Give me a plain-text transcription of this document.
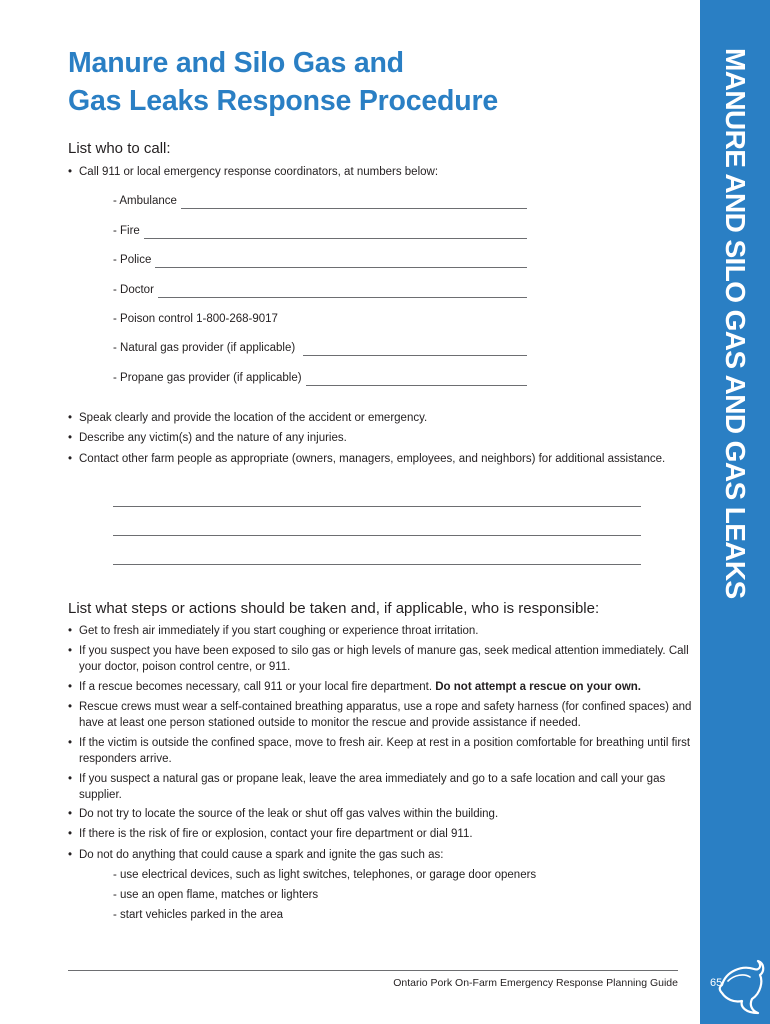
MANURE AND SILO GAS AND GAS LEAKS
Manure and Silo Gas and
Gas Leaks Response Procedure
List who to call:
• Call 911 or local emergency response coordinators, at numbers below:
- Ambulance
- Fire
- Police
- Doctor
- Poison control 1-800-268-9017
- Natural gas provider (if applicable)
- Propane gas provider (if applicable)
• Speak clearly and provide the location of the accident or emergency.
• Describe any victim(s) and the nature of any injuries.
• Contact other farm people as appropriate (owners, managers, employees, and neighbors) for additional assistance.
List what steps or actions should be taken and, if applicable, who is responsible:
• Get to fresh air immediately if you start coughing or experience throat irritation.
• If you suspect you have been exposed to silo gas or high levels of manure gas, seek medical attention immediately. Call your doctor, poison control centre, or 911.
• If a rescue becomes necessary, call 911 or your local fire department. Do not attempt a rescue on your own.
• Rescue crews must wear a self-contained breathing apparatus, use a rope and safety harness (for confined spaces) and have at least one person stationed outside to monitor the rescue and provide assistance if needed.
• If the victim is outside the confined space, move to fresh air. Keep at rest in a position comfortable for breathing until first responders arrive.
• If you suspect a natural gas or propane leak, leave the area immediately and go to a safe location and call your gas supplier.
• Do not try to locate the source of the leak or shut off gas valves within the building.
• If there is the risk of fire or explosion, contact your fire department or dial 911.
• Do not do anything that could cause a spark and ignite the gas such as:
- use electrical devices, such as light switches, telephones, or garage door openers
- use an open flame, matches or lighters
- start vehicles parked in the area
Ontario Pork On-Farm Emergency Response Planning Guide	65
